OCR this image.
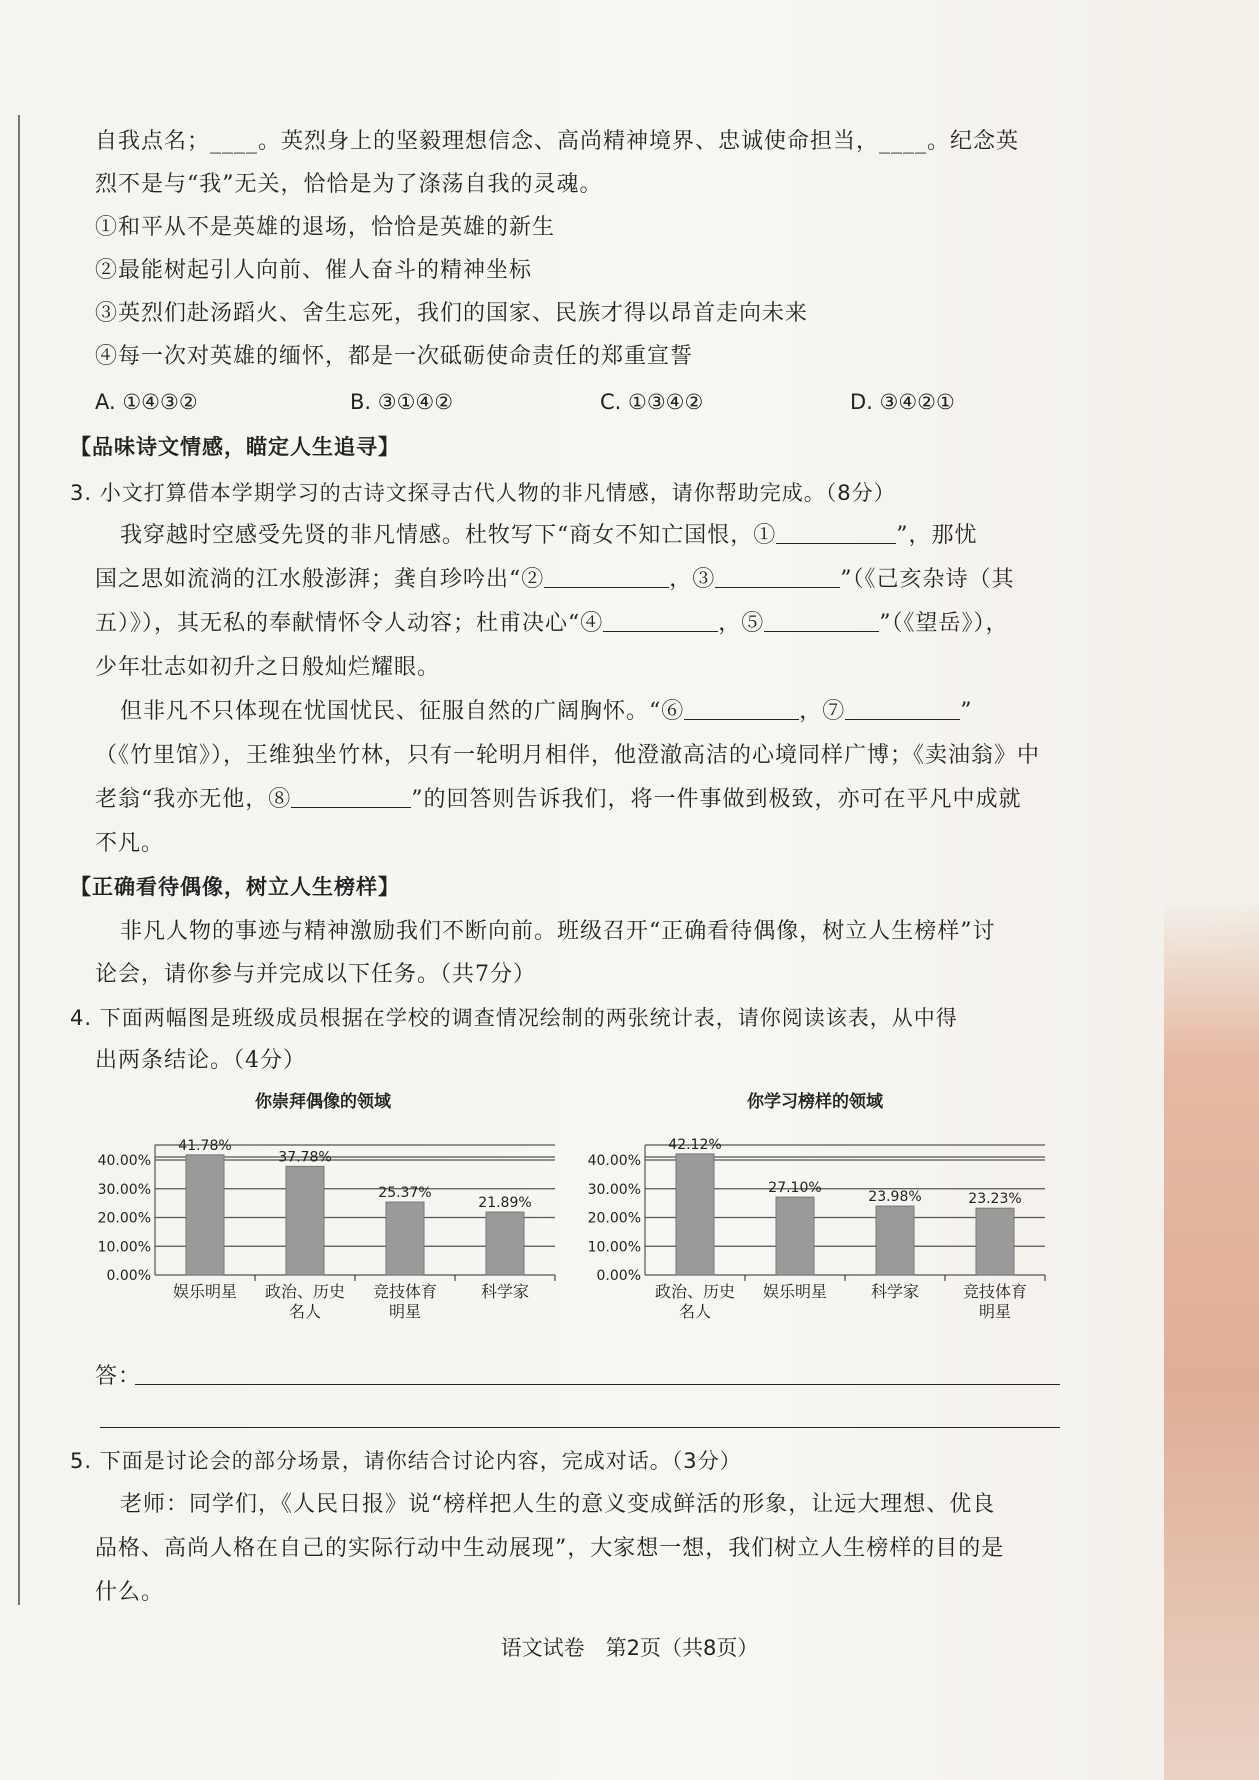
自我点名；____。英烈身上的坚毅理想信念、高尚精神境界、忠诚使命担当，____。纪念英
烈不是与“我”无关，恰恰是为了涤荡自我的灵魂。
①和平从不是英雄的退场，恰恰是英雄的新生
②最能树起引人向前、催人奋斗的精神坐标
③英烈们赴汤蹈火、舍生忘死，我们的国家、民族才得以昂首走向未来
④每一次对英雄的缅怀，都是一次砥砺使命责任的郑重宣誓
A. ①④③②	B. ③①④②	C. ①③④②	D. ③④②①
【品味诗文情感，瞄定人生追寻】
3. 小文打算借本学期学习的古诗文探寻古代人物的非凡情感，请你帮助完成。（8分）
我穿越时空感受先贤的非凡情感。杜牧写下“商女不知亡国恨，①	”，那忧
国之思如流淌的江水般澎湃；龚自珍吟出“②	，③	”（《己亥杂诗（其
五）》），其无私的奉献情怀令人动容；杜甫决心“④	，⑤	”（《望岳》），
少年壮志如初升之日般灿烂耀眼。
但非凡不只体现在忧国忧民、征服自然的广阔胸怀。“⑥	，⑦	”
（《竹里馆》），王维独坐竹林，只有一轮明月相伴，他澄澈高洁的心境同样广博；《卖油翁》中
老翁“我亦无他，⑧	”的回答则告诉我们，将一件事做到极致，亦可在平凡中成就
不凡。
【正确看待偶像，树立人生榜样】
非凡人物的事迹与精神激励我们不断向前。班级召开“正确看待偶像，树立人生榜样”讨
论会，请你参与并完成以下任务。（共7分）
4. 下面两幅图是班级成员根据在学校的调查情况绘制的两张统计表，请你阅读该表，从中得
出两条结论。（4分）
你崇拜偶像的领域	你学习榜样的领域
0.00%
10.00%
20.00%
30.00%
40.00%
41.78%
娱乐明星
37.78%
政治、历史
名人
25.37%
竞技体育
明星
21.89%
科学家
0.00%
10.00%
20.00%
30.00%
40.00%
42.12%
政治、历史
名人
27.10%
娱乐明星
23.98%
科学家
23.23%
竞技体育
明星
答：
5. 下面是讨论会的部分场景，请你结合讨论内容，完成对话。（3分）
老师：同学们，《人民日报》说“榜样把人生的意义变成鲜活的形象，让远大理想、优良
品格、高尚人格在自己的实际行动中生动展现”，大家想一想，我们树立人生榜样的目的是
什么。
语文试卷　第2页（共8页）
